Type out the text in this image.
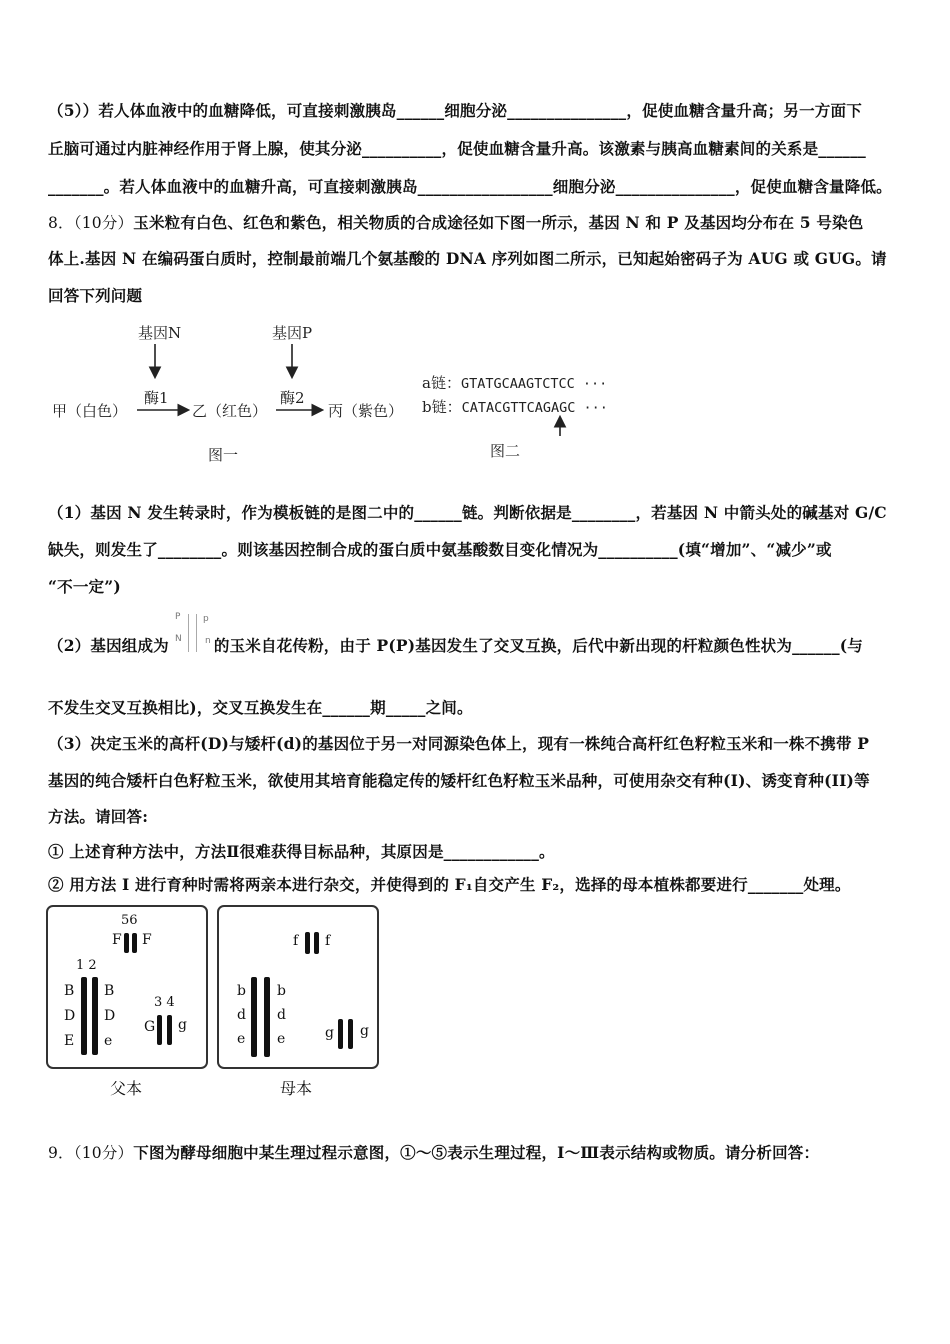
（5））若人体血液中的血糖降低，可直接刺激胰岛______细胞分泌_______________，促使血糖含量升高；另一方面下
丘脑可通过内脏神经作用于肾上腺，使其分泌__________，促使血糖含量升高。该激素与胰高血糖素间的关系是______
_______。若人体血液中的血糖升高，可直接刺激胰岛_________________细胞分泌_______________，促使血糖含量降低。
8．（10分）玉米粒有白色、红色和紫色，相关物质的合成途径如下图一所示，基因 N 和 P 及基因均分布在 5 号染色
体上.基因 N 在编码蛋白质时，控制最前端几个氨基酸的 DNA 序列如图二所示，已知起始密码子为 AUG 或 GUG。请
回答下列问题
基因N	基因P
酶1	酶2
甲（白色）	乙（红色）	丙（紫色）
图一
a链：GTATGCAAGTCTCC ···
b链：CATACGTTCAGAGC ···
图二
（1）基因 N 发生转录时，作为模板链的是图二中的______链。判断依据是________，若基因 N 中箭头处的碱基对 G/C
缺失，则发生了________。则该基因控制合成的蛋白质中氨基酸数目变化情况为__________(填“增加”、“减少”或
“不一定”)
（2）基因组成为	的玉米自花传粉，由于 P(P)基因发生了交叉互换，后代中新出现的杆粒颜色性状为______(与
P
N
p
n
不发生交叉互换相比)，交叉互换发生在______期_____之间。
（3）决定玉米的高杆(D)与矮杆(d)的基因位于另一对同源染色体上，现有一株纯合高杆红色籽粒玉米和一株不携带 P
基因的纯合矮杆白色籽粒玉米，欲使用其培育能稳定传的矮杆红色籽粒玉米品种，可使用杂交有种(I)、诱变育种(II)等
方法。请回答:
① 上述育种方法中，方法Ⅱ很难获得目标品种，其原因是____________。
② 用方法 I 进行育种时需将两亲本进行杂交，并使得到的 F₁自交产生 F₂，选择的母本植株都要进行_______处理。
56
F F
1 2
B
D
E
B
D
e
3 4
G g
父本
f f
b
d
e
b
d
e	g g
母本
9．（10分）下图为酵母细胞中某生理过程示意图，①～⑤表示生理过程，Ⅰ～Ⅲ表示结构或物质。请分析回答：
